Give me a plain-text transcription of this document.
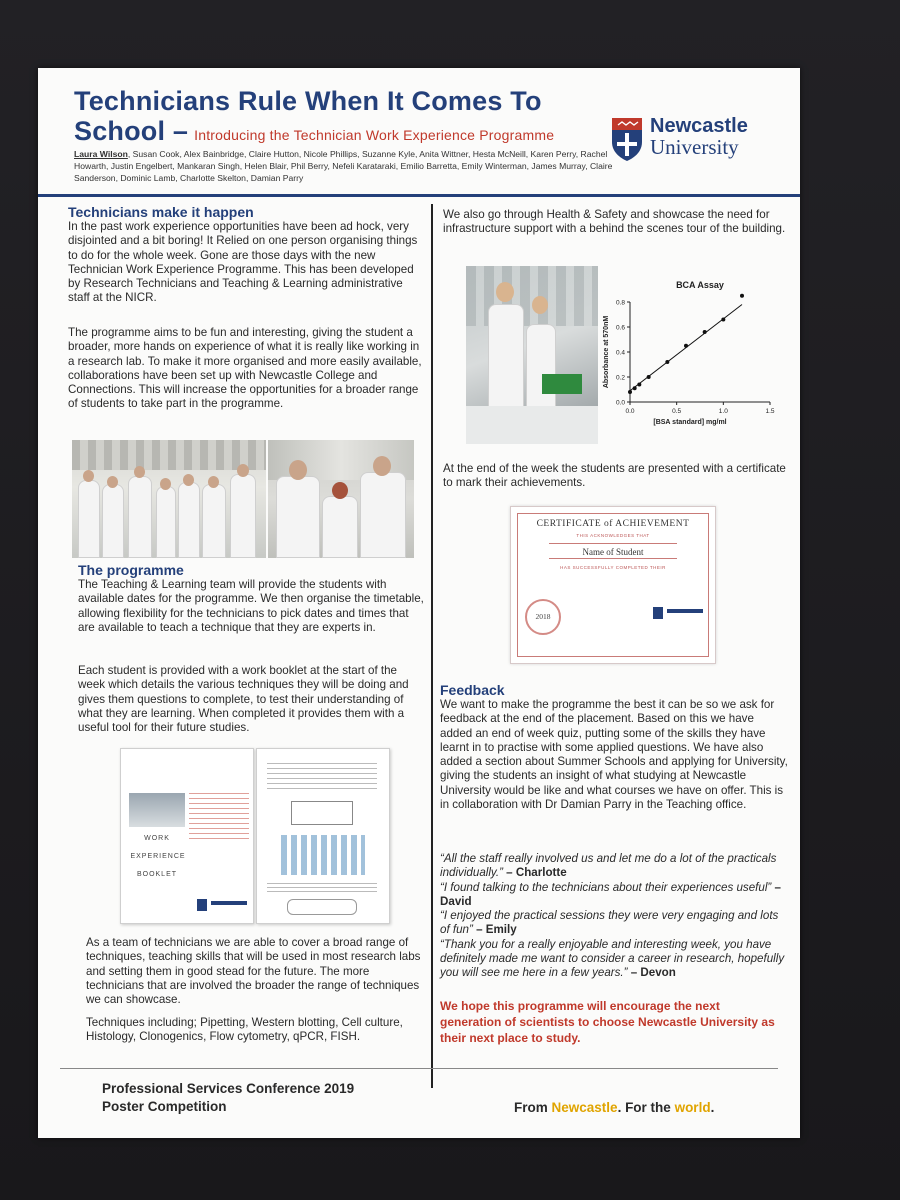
Technicians Rule When It Comes To
School – Introducing the Technician Work Experience Programme
Laura Wilson, Susan Cook, Alex Bainbridge, Claire Hutton, Nicole Phillips, Suzanne Kyle, Anita Wittner, Hesta McNeill, Karen Perry, Rachel Howarth, Justin Engelbert, Mankaran Singh, Helen Blair, Phil Berry, Nefeli Karataraki, Emilio Barretta, Emily Winterman, James Murray, Claire Sanderson, Dominic Lamb, Charlotte Skelton, Damian Parry
Newcastle
University
Technicians make it happen
In the past work experience opportunities have been ad hock, very disjointed and a bit boring! It Relied on one person organising things to do for the whole week. Gone are those days with the new Technician Work Experience Programme. This has been developed by Research Technicians and Teaching & Learning administrative staff at the NICR.
The programme aims to be fun and interesting, giving the student a broader, more hands on experience of what it is really like working in a research lab. To make it more organised and more easily available, collaborations have been set up with Newcastle College and Connections. This will increase the opportunities for a broader range of students to take part in the programme.
The programme
The Teaching & Learning team will provide the students with available dates for the programme. We then organise the timetable, allowing flexibility for the technicians to pick dates and times that are available to teach a technique that they are experts in.
Each student is provided with a work booklet at the start of the week which details the various techniques they will be doing and gives them questions to complete, to test their understanding of what they are learning. When completed it provides them with a useful tool for their future studies.
WORK
EXPERIENCE
BOOKLET
As a team of technicians we are able to cover a broad range of techniques, teaching skills that will be used in most research labs and setting them in good stead for the future. The more technicians that are involved the broader the range of techniques we can showcase.
Techniques including; Pipetting, Western blotting, Cell culture, Histology, Clonogenics, Flow cytometry, qPCR, FISH.
We also go through Health & Safety and showcase the need for infrastructure support with a behind the scenes tour of the building.
BCA Assay
0.0
0.2
0.4
0.6
0.8
0.0	0.5	1.0	1.5
[BSA standard] mg/ml
Absorbance at 570nM
At the end of the week the students are presented with a certificate to mark their achievements.
CERTIFICATE of ACHIEVEMENT
THIS ACKNOWLEDGES THAT
Name of Student
HAS SUCCESSFULLY COMPLETED THEIR
2018
Feedback
We want to make the programme the best it can be so we ask for feedback at the end of the placement. Based on this we have added an end of week quiz, putting some of the skills they have learnt in to practise with some applied questions. We have also added a section about Summer Schools and applying for University, giving the students an insight of what studying at Newcastle University would be like and what courses we have on offer. This is in collaboration with Dr Damian Parry in the Teaching office.
“All the staff really involved us and let me do a lot of the practicals individually.” – Charlotte
“I found talking to the technicians about their experiences useful” – David
“I enjoyed the practical sessions they were very engaging and lots of fun” – Emily
“Thank you for a really enjoyable and interesting week, you have definitely made me want to consider a career in research, hopefully you will see me here in a few years.” – Devon
We hope this programme will encourage the next generation of scientists to choose Newcastle University as their next place to study.
Professional Services Conference 2019
Poster Competition	From Newcastle. For the world.
